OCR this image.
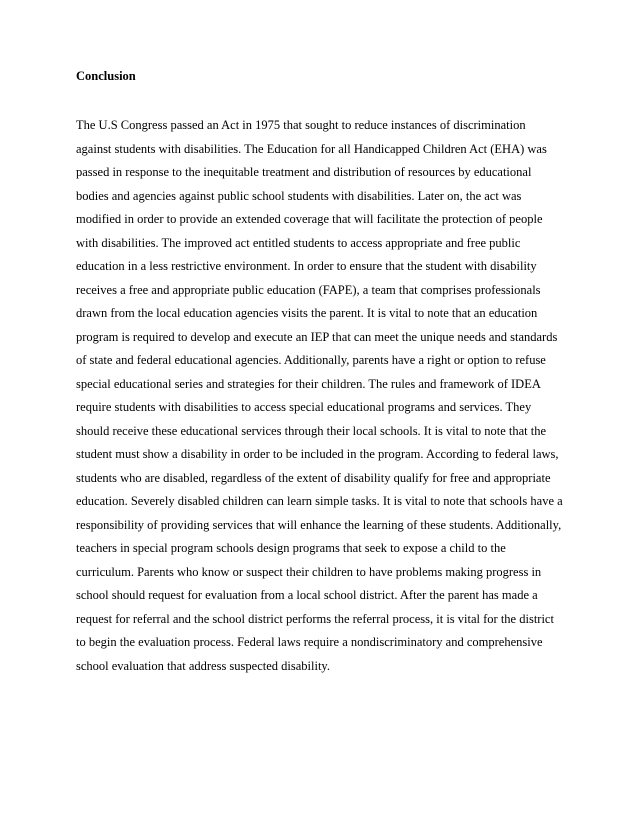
Conclusion
The U.S Congress passed an Act in 1975 that sought to reduce instances of discrimination
against students with disabilities. The Education for all Handicapped Children Act (EHA) was
passed in response to the inequitable treatment and distribution of resources by educational
bodies and agencies against public school students with disabilities. Later on, the act was
modified in order to provide an extended coverage that will facilitate the protection of people
with disabilities. The improved act entitled students to access appropriate and free public
education in a less restrictive environment. In order to ensure that the student with disability
receives a free and appropriate public education (FAPE), a team that comprises professionals
drawn from the local education agencies visits the parent. It is vital to note that an education
program is required to develop and execute an IEP that can meet the unique needs and standards
of state and federal educational agencies. Additionally, parents have a right or option to refuse
special educational series and strategies for their children. The rules and framework of IDEA
require students with disabilities to access special educational programs and services. They
should receive these educational services through their local schools. It is vital to note that the
student must show a disability in order to be included in the program. According to federal laws,
students who are disabled, regardless of the extent of disability qualify for free and appropriate
education. Severely disabled children can learn simple tasks. It is vital to note that schools have a
responsibility of providing services that will enhance the learning of these students. Additionally,
teachers in special program schools design programs that seek to expose a child to the
curriculum. Parents who know or suspect their children to have problems making progress in
school should request for evaluation from a local school district. After the parent has made a
request for referral and the school district performs the referral process, it is vital for the district
to begin the evaluation process. Federal laws require a nondiscriminatory and comprehensive
school evaluation that address suspected disability.
